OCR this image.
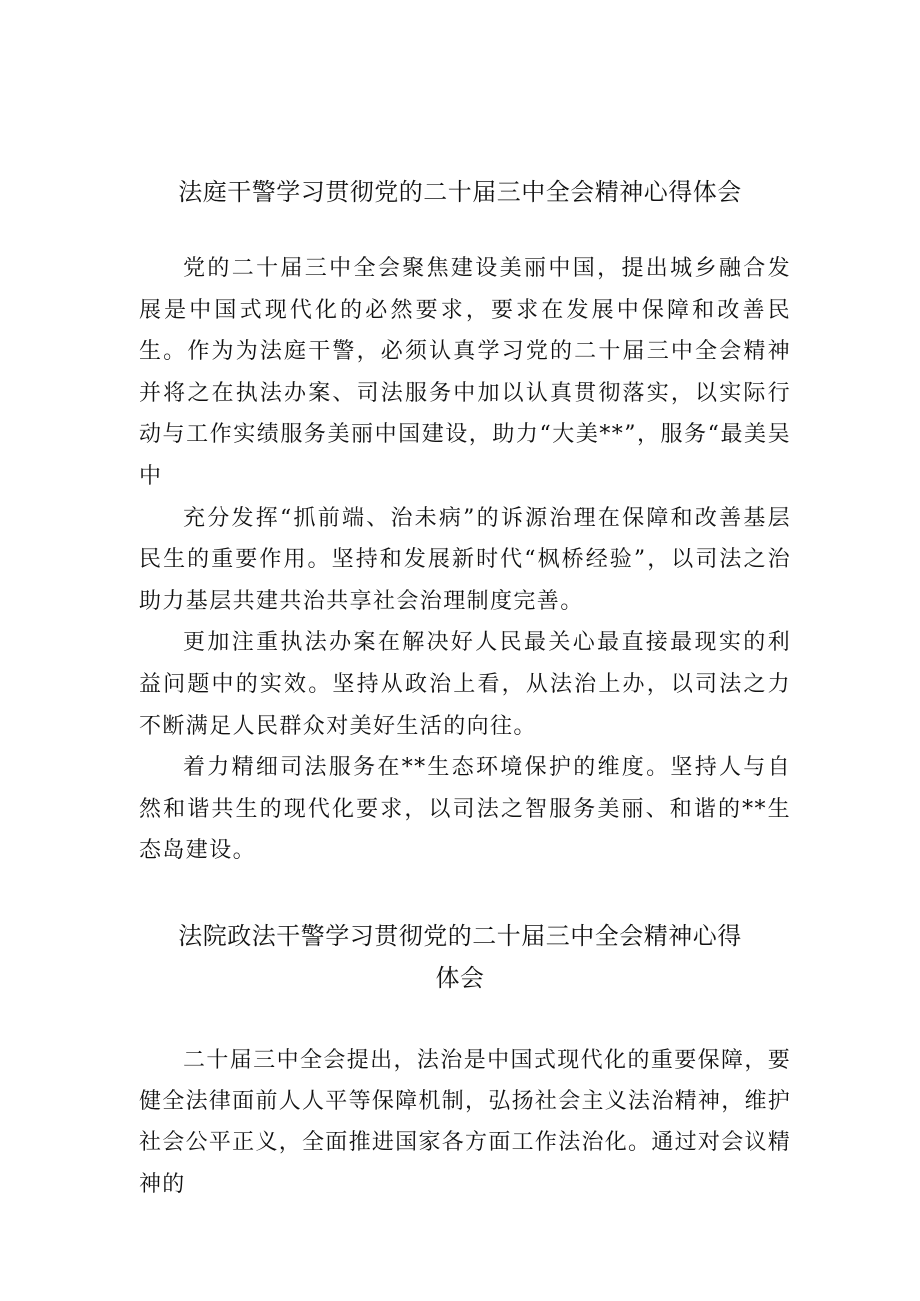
法庭干警学习贯彻党的二十届三中全会精神心得体会

党的二十届三中全会聚焦建设美丽中国，提出城乡融合发展是中国式现代化的必然要求，要求在发展中保障和改善民生。作为为法庭干警，必须认真学习党的二十届三中全会精神并将之在执法办案、司法服务中加以认真贯彻落实，以实际行动与工作实绩服务美丽中国建设，助力“大美**”，服务“最美吴中

充分发挥“抓前端、治未病”的诉源治理在保障和改善基层民生的重要作用。坚持和发展新时代“枫桥经验”，以司法之治助力基层共建共治共享社会治理制度完善。

更加注重执法办案在解决好人民最关心最直接最现实的利益问题中的实效。坚持从政治上看，从法治上办，以司法之力不断满足人民群众对美好生活的向往。

着力精细司法服务在**生态环境保护的维度。坚持人与自然和谐共生的现代化要求，以司法之智服务美丽、和谐的**生态岛建设。

法院政法干警学习贯彻党的二十届三中全会精神心得
体会

二十届三中全会提出，法治是中国式现代化的重要保障，要健全法律面前人人平等保障机制，弘扬社会主义法治精神，维护社会公平正义，全面推进国家各方面工作法治化。通过对会议精神的
